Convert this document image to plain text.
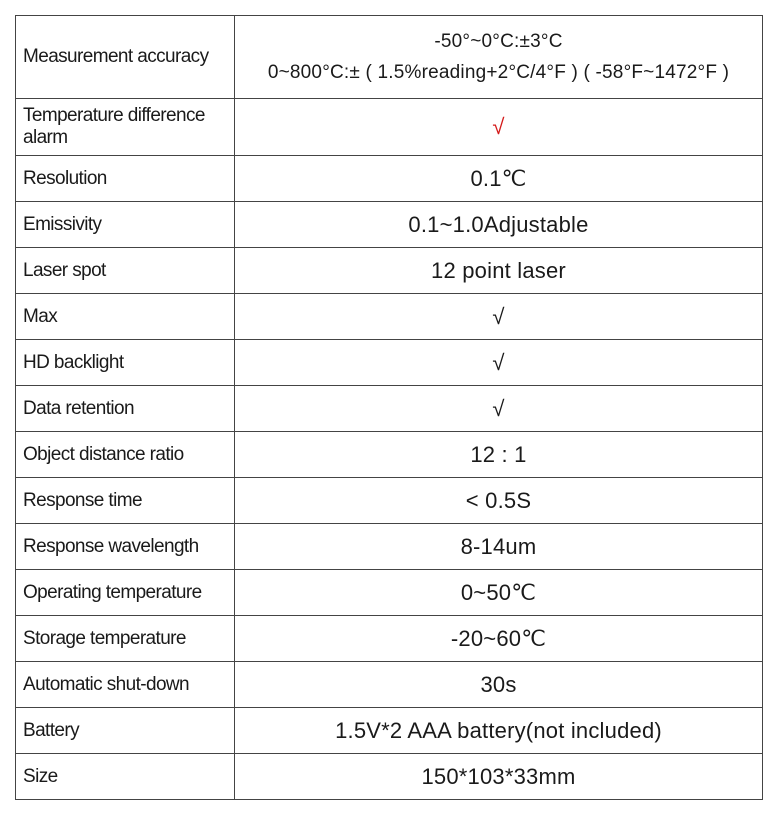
Measurement accuracy	-50°~0°C:±3°C
0~800°C:± ( 1.5%reading+2°C/4°F ) ( -58°F~1472°F )

Temperature difference alarm	√
Resolution	0.1℃
Emissivity	0.1~1.0Adjustable
Laser spot	12 point laser
Max	√
HD backlight	√
Data retention	√
Object distance ratio	12 : 1
Response time	< 0.5S
Response wavelength	8-14um
Operating temperature	0~50℃
Storage temperature	-20~60℃
Automatic shut-down	30s
Battery	1.5V*2 AAA battery(not included)
Size	150*103*33mm
